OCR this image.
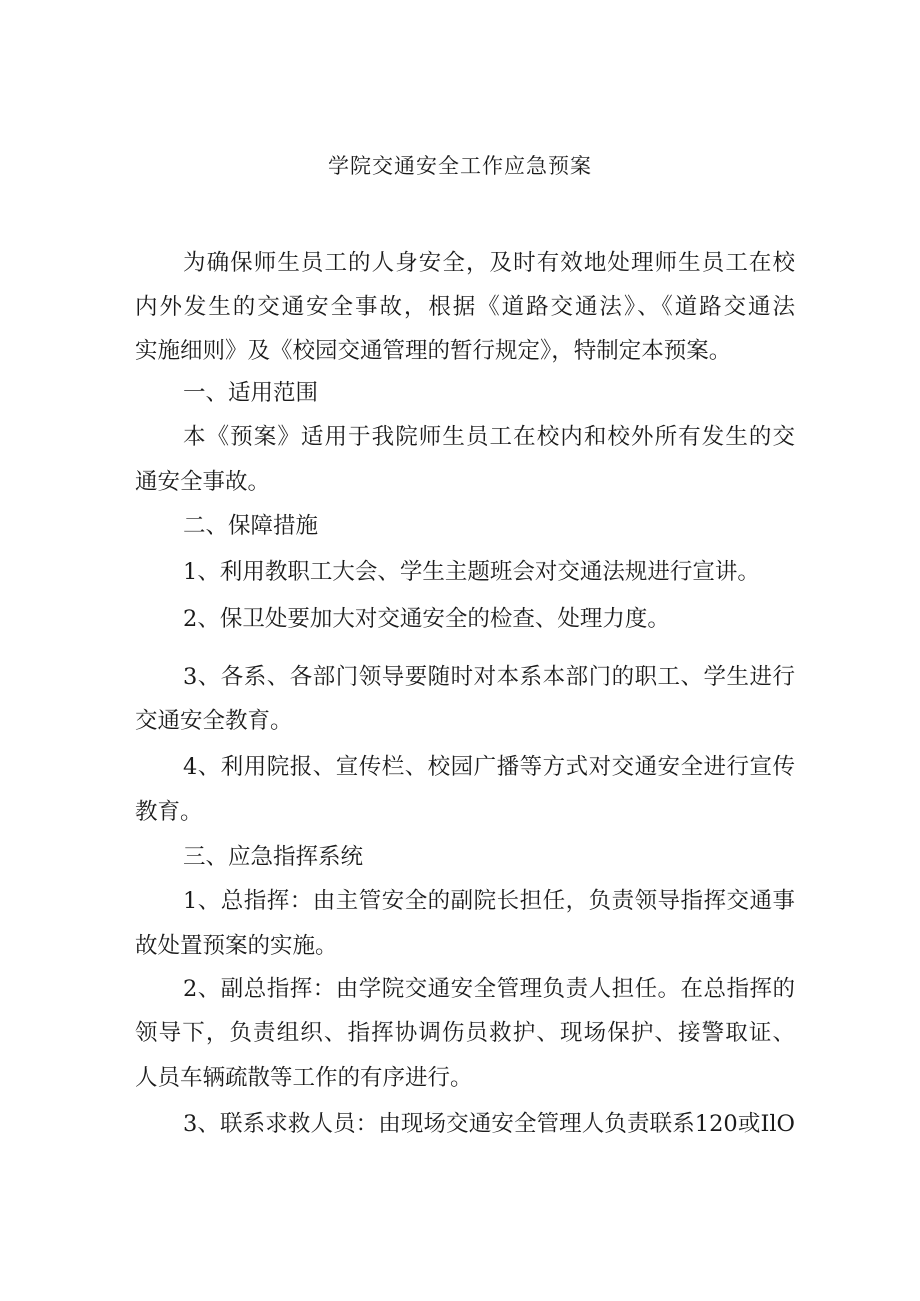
学院交通安全工作应急预案
为确保师生员工的人身安全，及时有效地处理师生员工在校
内外发生的交通安全事故，根据《道路交通法》、《道路交通法
实施细则》及《校园交通管理的暂行规定》，特制定本预案。
一、适用范围
本《预案》适用于我院师生员工在校内和校外所有发生的交
通安全事故。
二、保障措施
1、利用教职工大会、学生主题班会对交通法规进行宣讲。
2、保卫处要加大对交通安全的检查、处理力度。
3、各系、各部门领导要随时对本系本部门的职工、学生进行
交通安全教育。
4、利用院报、宣传栏、校园广播等方式对交通安全进行宣传
教育。
三、应急指挥系统
1、总指挥：由主管安全的副院长担任，负责领导指挥交通事
故处置预案的实施。
2、副总指挥：由学院交通安全管理负责人担任。在总指挥的
领导下，负责组织、指挥协调伤员救护、现场保护、接警取证、
人员车辆疏散等工作的有序进行。
3、联系求救人员：由现场交通安全管理人负责联系120或IlO
